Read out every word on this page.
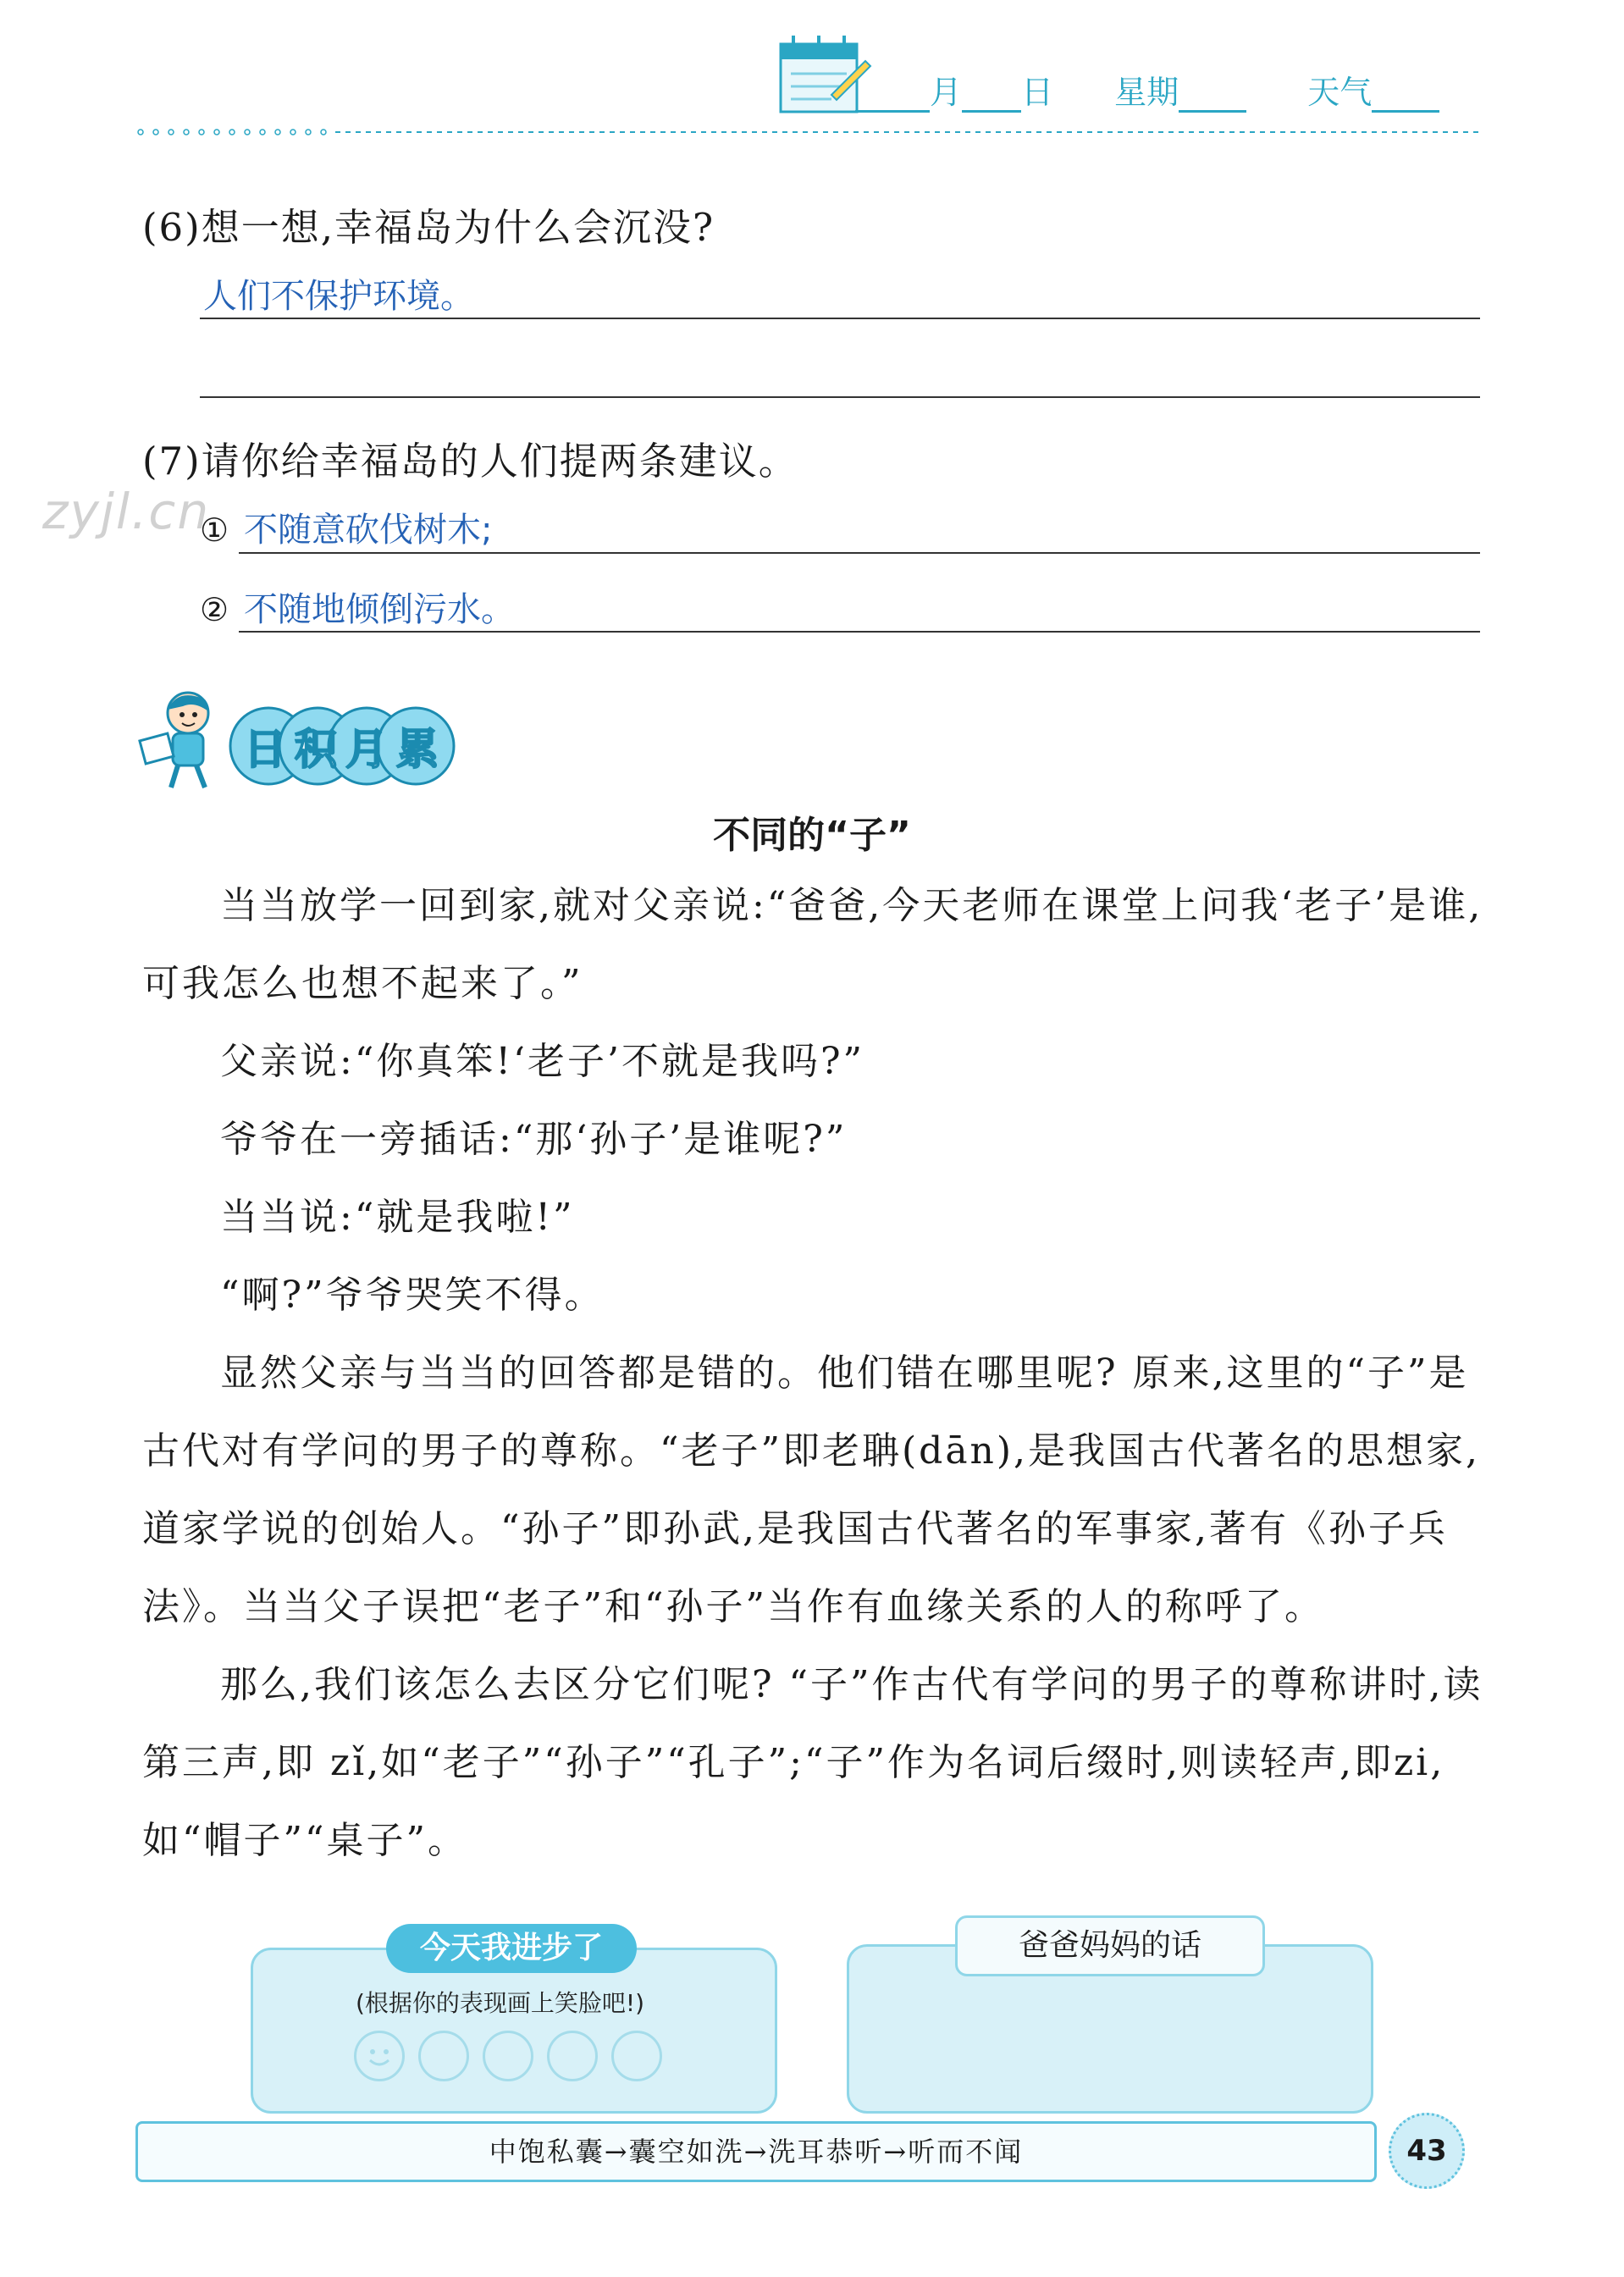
月 日 星期	天气
(6)想一想,幸福岛为什么会沉没?
人们不保护环境。
(7)请你给幸福岛的人们提两条建议。
zyjl.cn
① 不随意砍伐树木;
② 不随地倾倒污水。
日积月累
不同的“子”
当当放学一回到家,就对父亲说:“爸爸,今天老师在课堂上问我‘老子’是谁,可我怎么也想不起来了。”
父亲说:“你真笨!‘老子’不就是我吗?”
爷爷在一旁插话:“那‘孙子’是谁呢?”
当当说:“就是我啦!”
“啊?”爷爷哭笑不得。
显然父亲与当当的回答都是错的。他们错在哪里呢? 原来,这里的“子”是古代对有学问的男子的尊称。“老子”即老聃(dān),是我国古代著名的思想家,道家学说的创始人。“孙子”即孙武,是我国古代著名的军事家,著有《孙子兵法》。当当父子误把“老子”和“孙子”当作有血缘关系的人的称呼了。
那么,我们该怎么去区分它们呢? “子”作古代有学问的男子的尊称讲时,读第三声,即 zǐ,如“老子”“孙子”“孔子”;“子”作为名词后缀时,则读轻声,即zi,如“帽子”“桌子”。
今天我进步了
(根据你的表现画上笑脸吧!)
爸爸妈妈的话
中饱私囊→囊空如洗→洗耳恭听→听而不闻	43
